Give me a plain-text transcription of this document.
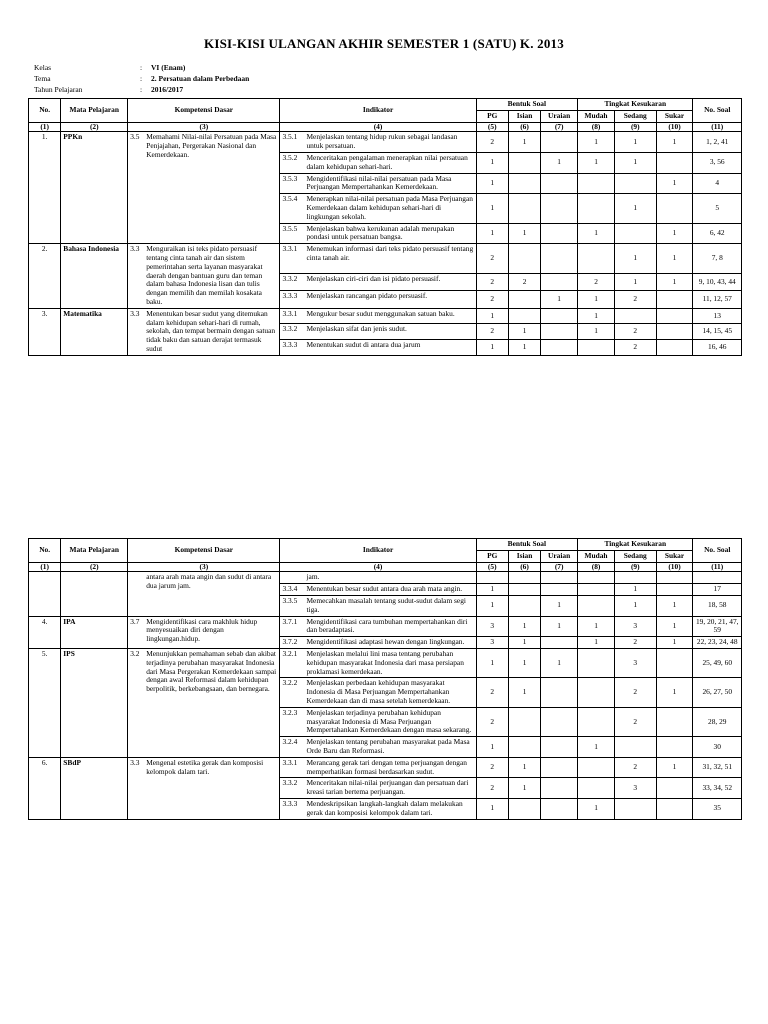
KISI-KISI ULANGAN AKHIR SEMESTER 1 (SATU) K. 2013
Kelas	: VI (Enam)
Tema	: 2. Persatuan dalam Perbedaan
Tahun Pelajaran	: 2016/2017
No.	Mata Pelajaran	Kompetensi Dasar	Indikator	Bentuk Soal			Tingkat Kesukaran			No. Soal
				PG	Isian	Uraian	Mudah	Sedang	Sukar	
(1)	(2)	(3)	(4)	(5)	(6)	(7)	(8)	(9)	(10)	(11)
1.	PPKn	3.5 Memahami Nilai-nilai Persatuan pada Masa Penjajahan, Pergerakan Nasional dan Kemerdekaan.	3.5.1 Menjelaskan tentang hidup rukun sebagai landasan untuk persatuan.	2	1		1	1	1	1, 2, 41

			3.5.2 Menceritakan pengalaman menerapkan nilai persatuan dalam kehidupan sehari-hari.	1		1	1	1		3, 56

			3.5.3 Mengidentifikasi nilai-nilai persatuan pada Masa Perjuangan Mempertahankan Kemerdekaan.	1					1	4

			3.5.4 Menerapkan nilai-nilai persatuan pada Masa Perjuangan Kemerdekaan dalam kehidupan sehari-hari di lingkungan sekolah.	1				1		5

			3.5.5 Menjelaskan bahwa kerukunan adalah merupakan pondasi untuk persatuan bangsa.	1	1		1		1	6, 42
2.	Bahasa Indonesia	3.3 Menguraikan isi teks pidato persuasif tentang cinta tanah air dan sistem pemerintahan serta layanan masyarakat daerah dengan bantuan guru dan teman dalam bahasa Indonesia lisan dan tulis dengan memilih dan memilah kosakata baku.	3.3.1 Menemukan informasi dari teks pidato persuasif tentang cinta tanah air.	2				1	1	7, 8

			3.3.2 Menjelaskan ciri-ciri dan isi pidato persuasif.	2	2		2	1	1	9, 10, 43, 44

			3.3.3 Menjelaskan rancangan pidato persuasif.	2		1	1	2		11, 12, 57
3.	Matematika	3.3 Menentukan besar sudut yang ditemukan dalam kehidupan sehari-hari di rumah, sekolah, dan tempat bermain dengan satuan tidak baku dan satuan derajat termasuk sudut	3.3.1 Mengukur besar sudut menggunakan satuan baku.	1			1			13

			3.3.2 Menjelaskan sifat dan jenis sudut.	2	1		1	2		14, 15, 45

			3.3.3 Menentukan sudut di antara dua jarum	1	1			2		16, 46
No.	Mata Pelajaran	Kompetensi Dasar	Indikator	Bentuk Soal			Tingkat Kesukaran			No. Soal
				PG	Isian	Uraian	Mudah	Sedang	Sukar	
(1)	(2)	(3)	(4)	(5)	(6)	(7)	(8)	(9)	(10)	(11)

		antara arah mata angin dan sudut di antara dua jarum jam.	jam.							

			3.3.4 Menentukan besar sudut antara dua arah mata angin.	1				1		17

			3.3.5 Memecahkan masalah tentang sudut-sudut dalam segi tiga.	1		1		1	1	18, 58
4.	IPA	3.7 Mengidentifikasi cara makhluk hidup menyesuaikan diri dengan lingkungan.hidup.	3.7.1 Mengidentifikasi cara tumbuhan mempertahankan diri dan beradaptasi.	3	1	1	1	3	1	19, 20, 21, 47, 59

			3.7.2 Mengidentifikasi adaptasi hewan dengan lingkungan.	3	1		1	2	1	22, 23, 24, 48
5.	IPS	3.2 Menunjukkan pemahaman sebab dan akibat terjadinya perubahan masyarakat Indonesia dari Masa Pergerakan Kemerdekaan sampai dengan awal Reformasi dalam kehidupan berpolitik, berkebangsaan, dan bernegara.	3.2.1 Menjelaskan melalui lini masa tentang perubahan kehidupan masyarakat Indonesia dari masa persiapan proklamasi kemerdekaan.	1	1	1		3		25, 49, 60

			3.2.2 Menjelaskan perbedaan kehidupan masyarakat Indonesia di Masa Perjuangan Mempertahankan Kemerdekaan dan di masa setelah kemerdekaan.	2	1			2	1	26, 27, 50

			3.2.3 Menjelaskan terjadinya perubahan kehidupan masyarakat Indonesia di Masa Perjuangan Mempertahankan Kemerdekaan dengan masa sekarang.	2				2		28, 29

			3.2.4 Menjelaskan tentang perubahan masyarakat pada Masa Orde Baru dan Reformasi.	1			1			30
6.	SBdP	3.3 Mengenal estetika gerak dan komposisi kelompok dalam tari.	3.3.1 Merancang gerak tari dengan tema perjuangan dengan memperhatikan formasi berdasarkan sudut.	2	1			2	1	31, 32, 51

			3.3.2 Menceritakan nilai-nilai perjuangan dan persatuan dari kreasi tarian bertema perjuangan.	2	1			3		33, 34, 52

			3.3.3 Mendeskripsikan langkah-langkah dalam melakukan gerak dan komposisi kelompok dalam tari.	1			1			35
